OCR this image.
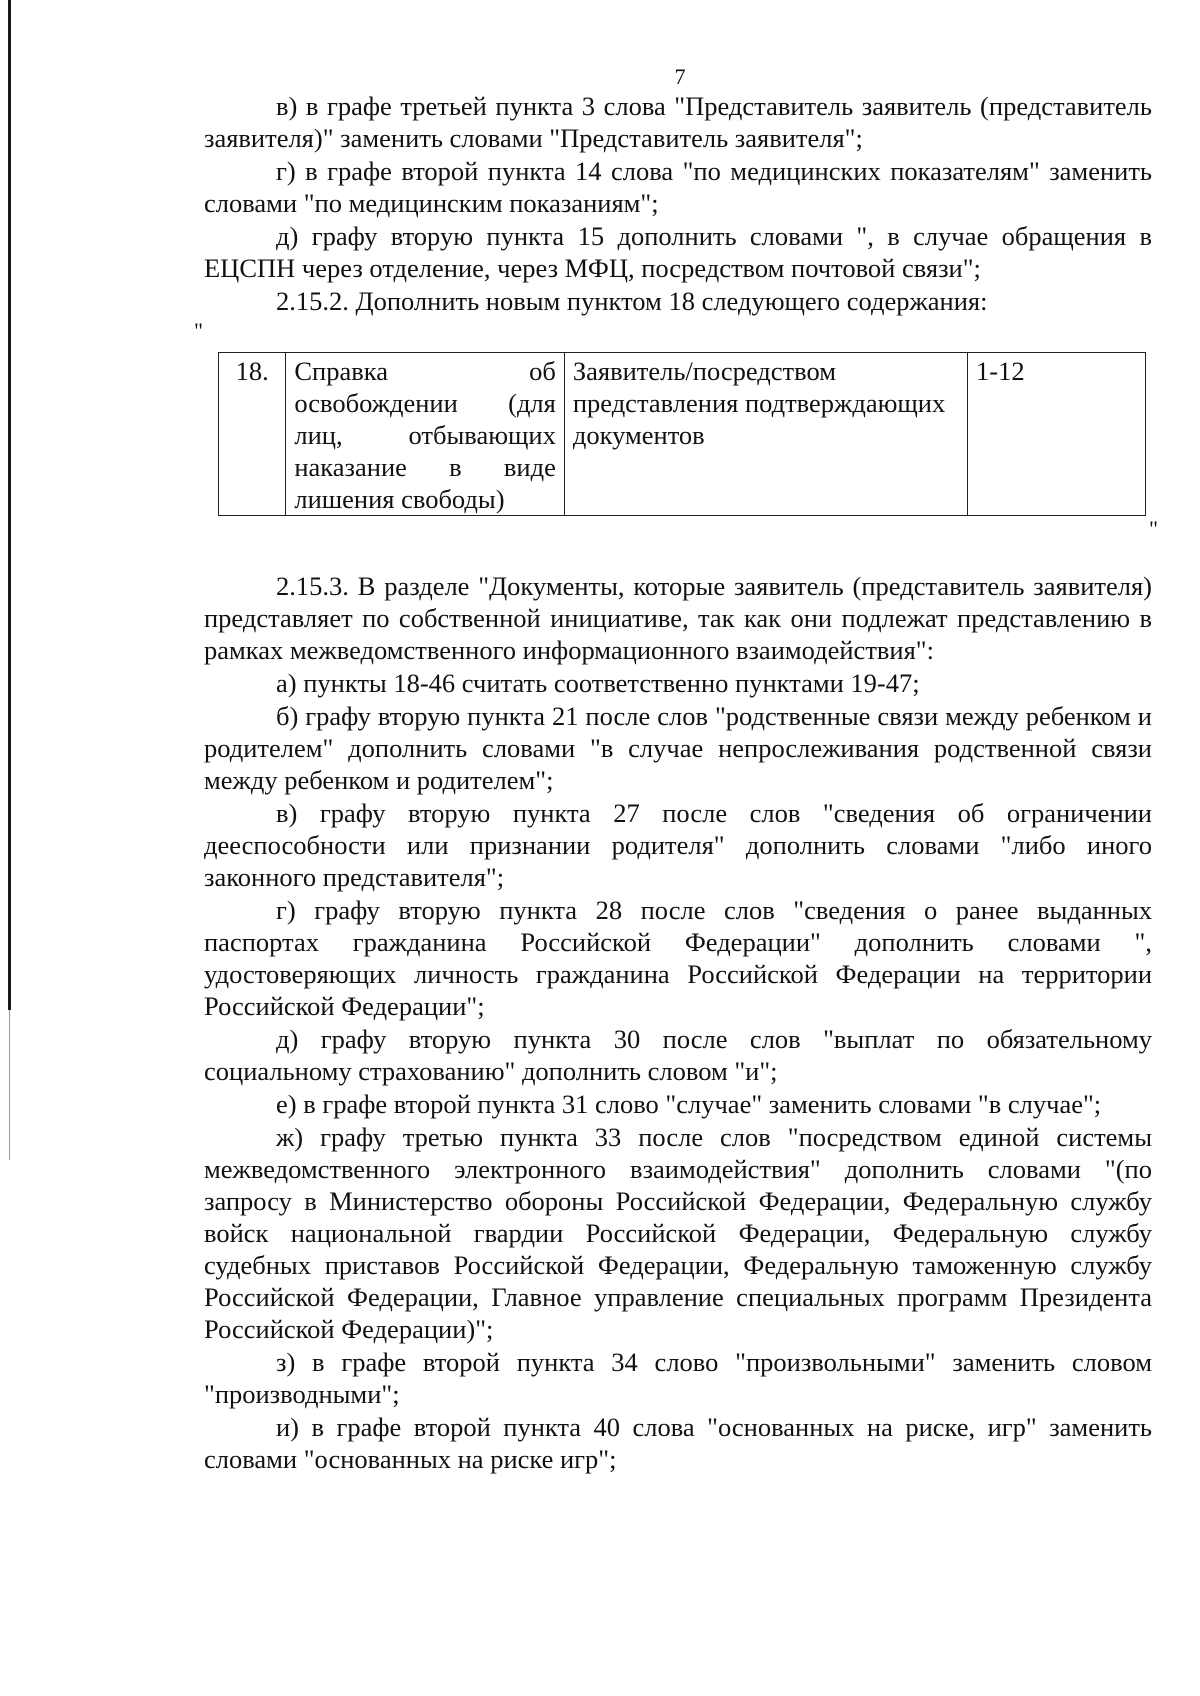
7

в) в графе третьей пункта 3 слова "Представитель заявитель (представитель заявителя)" заменить словами "Представитель заявителя";

г) в графе второй пункта 14 слова "по медицинских показателям" заменить словами "по медицинским показаниям";

д) графу вторую пункта 15 дополнить словами ", в случае обращения в ЕЦСПН через отделение, через МФЦ, посредством почтовой связи";

2.15.2. Дополнить новым пунктом 18 следующего содержания:

"

18.	Справка об освобождении (для лиц, отбывающих наказание в виде лишения свободы)	Заявитель/посредством представления подтверждающих документов	1-12

"

2.15.3. В разделе "Документы, которые заявитель (представитель заявителя) представляет по собственной инициативе, так как они подлежат представлению в рамках межведомственного информационного взаимодействия":

а) пункты 18-46 считать соответственно пунктами 19-47;

б) графу вторую пункта 21 после слов "родственные связи между ребенком и родителем" дополнить словами "в случае непрослеживания родственной связи между ребенком и родителем";

в) графу вторую пункта 27 после слов "сведения об ограничении дееспособности или признании родителя" дополнить словами "либо иного законного представителя";

г) графу вторую пункта 28 после слов "сведения о ранее выданных паспортах гражданина Российской Федерации" дополнить словами ", удостоверяющих личность гражданина Российской Федерации на территории Российской Федерации";

д) графу вторую пункта 30 после слов "выплат по обязательному социальному страхованию" дополнить словом "и";

е) в графе второй пункта 31 слово "случае" заменить словами "в случае";

ж) графу третью пункта 33 после слов "посредством единой системы межведомственного электронного взаимодействия" дополнить словами "(по запросу в Министерство обороны Российской Федерации, Федеральную службу войск национальной гвардии Российской Федерации, Федеральную службу судебных приставов Российской Федерации, Федеральную таможенную службу Российской Федерации, Главное управление специальных программ Президента Российской Федерации)";

з) в графе второй пункта 34 слово "произвольными" заменить словом "производными";

и) в графе второй пункта 40 слова "основанных на риске, игр" заменить словами "основанных на риске игр";
